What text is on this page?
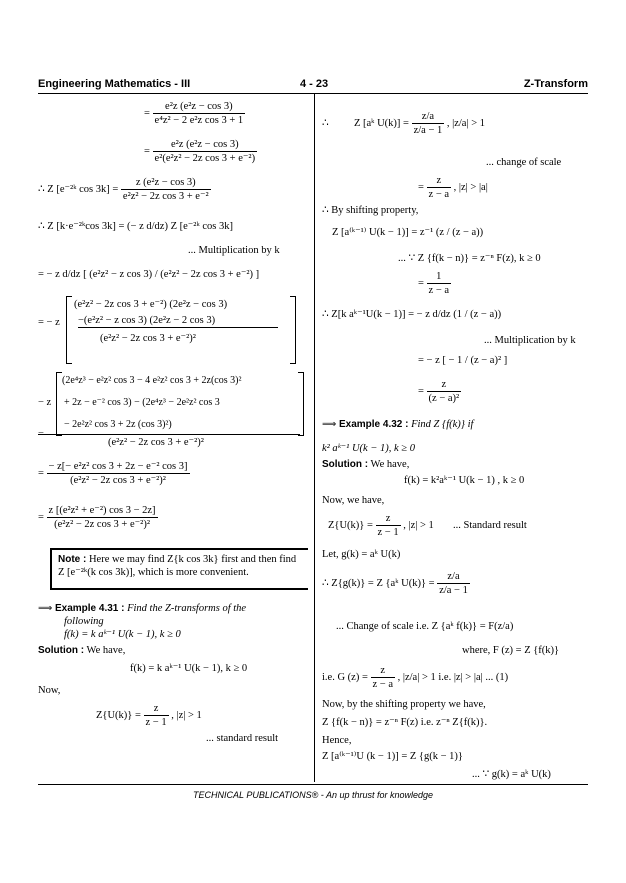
Engineering Mathematics - III	4 - 23	Z-Transform
= $\frac{\text{e²z (e²z − cos 3)}}{\text{e⁴z² − 2 e²z cos 3 + 1}}$
= $\frac{\text{e²z (e²z − cos 3)}}{\text{e²(e²z² − 2z cos 3 + e⁻²)}}$
∴ Z [e⁻²ᵏ $\cos 3k] = \frac{\text{z (e²z − cos 3)}}{\text{e²z² − 2z cos 3 + e⁻²}}$
∴ Z [k·e⁻²ᵏcos 3k] = (− z d/dz) Z [e⁻²ᵏ cos 3k]
... Multiplication by k
= − z d/dz [ (e²z² − z cos 3) / (e²z² − 2z cos 3 + e⁻²) ]
= − z
(e²z² − 2z cos 3 + e⁻²) (2e²z − cos 3)
−(e²z² − z cos 3) (2e²z − 2 cos 3)
(e²z² − 2z cos 3 + e⁻²)²
(2e⁴z³ − e²z² cos 3 − 4 e²z² cos 3 + 2z(cos 3)²
− z	+ 2z − e⁻² cos 3) − (2e⁴z³ − 2e²z² cos 3
− 2e²z² cos 3 + 2z (cos 3)²)
=
(e²z² − 2z cos 3 + e⁻²)²
= $\frac{\text{− z[− e²z² cos 3 + 2z − e⁻² cos 3]}}{\text{(e²z² − 2z cos 3 + e⁻²)²}}$
= $\frac{\text{z [(e²z² + e⁻²) cos 3 − 2z]}}{\text{(e²z² − 2z cos 3 + e⁻²)²}}$
Note : Here we may find Z{k cos 3k} first and then find Z [e⁻²ᵏ(k cos 3k)], which is more convenient.
⟹ Example 4.31 : Find the Z-transforms of the
following
f(k) = k aᵏ⁻¹ U(k − 1), k ≥ 0
Solution : We have,
f(k) = k aᵏ⁻¹ U(k − 1), k ≥ 0
Now,
$Z\{U(k)\} = \frac{z}{z - 1}$ , |z| > 1
... standard result
∴ Z [aᵏ $U(k)] = \frac{z/a}{z/a - 1}$ , |z/a| > 1
... change of scale
= $\frac{z}{z - a}$ , |z| > |a|
∴ By shifting property,
Z [a⁽ᵏ⁻¹⁾ U(k − 1)] = z⁻¹ (z / (z − a))
... ∵ Z {f(k − n)} = z⁻ⁿ F(z), k ≥ 0
= $\frac{1}{z - a}$
∴ Z[k aᵏ⁻¹U(k − 1)] = − z d/dz (1 / (z − a))
... Multiplication by k
= − z [ − 1 / (z − a)² ]
= $\frac{z}{\text{(z − a)²}}$
⟹ Example 4.32 : Find Z {f(k)} if
k² aᵏ⁻¹ U(k − 1), k ≥ 0
Solution : We have,
f(k) = k²aᵏ⁻¹ U(k − 1) , k ≥ 0
Now, we have,
$Z\{U(k)\} = \frac{z}{z - 1}$ , |z| > 1 ... Standard result
Let, g(k) = aᵏ U(k)
∴ Z{g(k)} = Z {aᵏ $U(k)\} = \frac{z/a}{z/a - 1}$
... Change of scale i.e. Z {aᵏ f(k)} = F(z/a)
where, F (z) = Z {f(k)}
i.e. G $(z) = \frac{z}{z - a}$ , |z/a| > 1 i.e. |z| > |a| ... (1)
Now, by the shifting property we have,
Z {f(k − n)} = z⁻ⁿ F(z) i.e. z⁻ⁿ Z{f(k)}.
Hence,
Z [a⁽ᵏ⁻¹⁾U (k − 1)] = Z {g(k − 1)}
... ∵ g(k) = aᵏ U(k)
TECHNICAL PUBLICATIONS® - An up thrust for knowledge
